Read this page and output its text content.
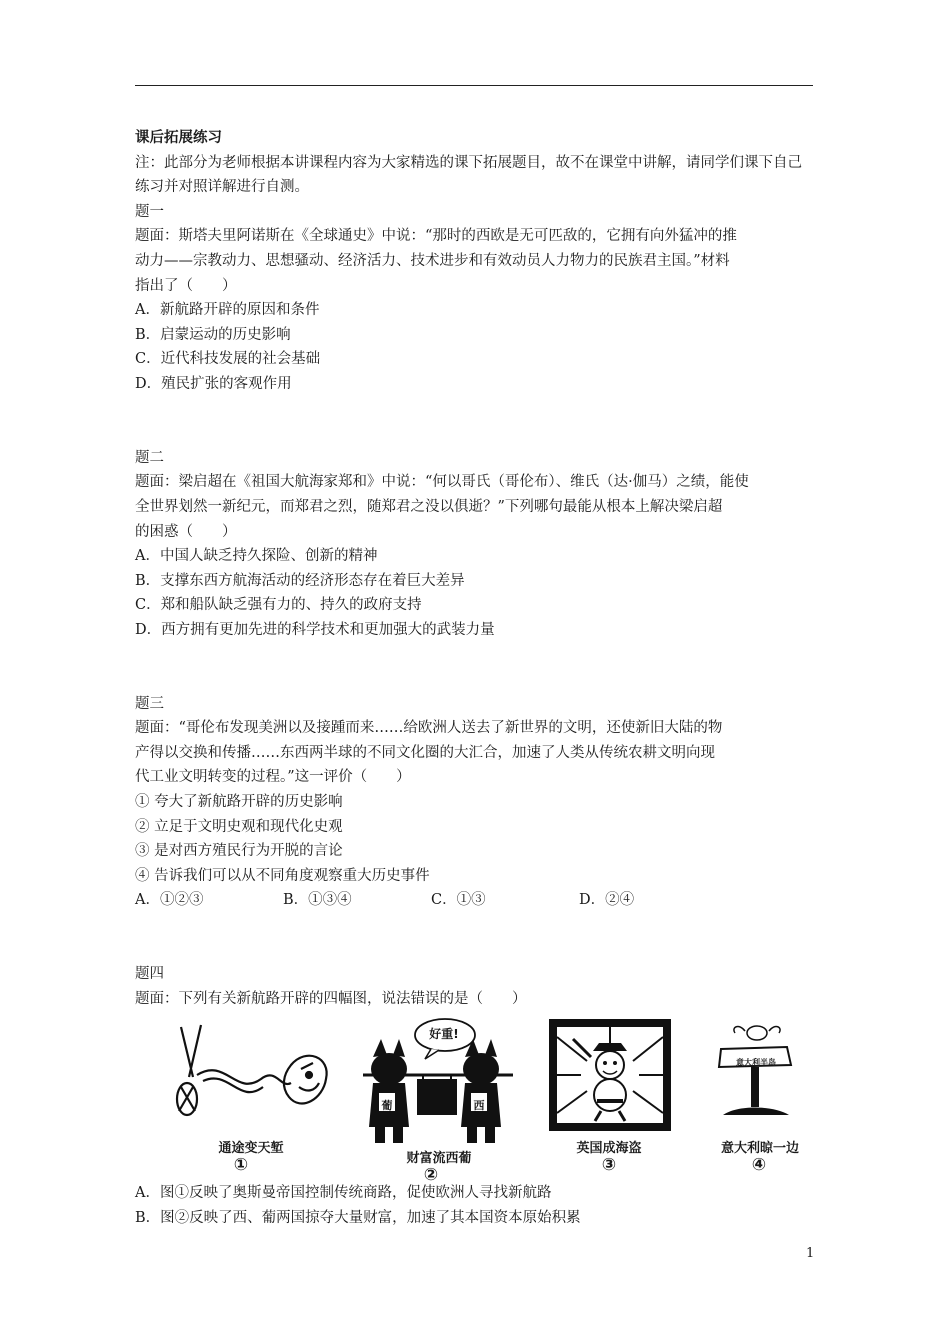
课后拓展练习
注：此部分为老师根据本讲课程内容为大家精选的课下拓展题目，故不在课堂中讲解，请同学们课下自己练习并对照详解进行自测。
题一
题面：斯塔夫里阿诺斯在《全球通史》中说：“那时的西欧是无可匹敌的，它拥有向外猛冲的推
动力——宗教动力、思想骚动、经济活力、技术进步和有效动员人力物力的民族君主国。”材料
指出了（　　）
A．新航路开辟的原因和条件
B．启蒙运动的历史影响
C．近代科技发展的社会基础
D．殖民扩张的客观作用
题二
题面：梁启超在《祖国大航海家郑和》中说：“何以哥氏（哥伦布）、维氏（达·伽马）之绩，能使
全世界划然一新纪元，而郑君之烈，随郑君之没以俱逝？”下列哪句最能从根本上解决梁启超
的困惑（　　）
A．中国人缺乏持久探险、创新的精神
B．支撑东西方航海活动的经济形态存在着巨大差异
C．郑和船队缺乏强有力的、持久的政府支持
D．西方拥有更加先进的科学技术和更加强大的武装力量
题三
题面：“哥伦布发现美洲以及接踵而来……给欧洲人送去了新世界的文明，还使新旧大陆的物
产得以交换和传播……东西两半球的不同文化圈的大汇合，加速了人类从传统农耕文明向现
代工业文明转变的过程。”这一评价（　　）
① 夸大了新航路开辟的历史影响
② 立足于文明史观和现代化史观
③ 是对西方殖民行为开脱的言论
④ 告诉我们可以从不同角度观察重大历史事件
A．①②③	B．①③④	C．①③	D．②④
题四
题面：下列有关新航路开辟的四幅图，说法错误的是（　　）
通途变天堑
①
好重!
葡	西
财富流西葡
②
英国成海盗
③
意大利半岛
意大利晾一边
④
A．图①反映了奥斯曼帝国控制传统商路，促使欧洲人寻找新航路
B．图②反映了西、葡两国掠夺大量财富，加速了其本国资本原始积累
1
